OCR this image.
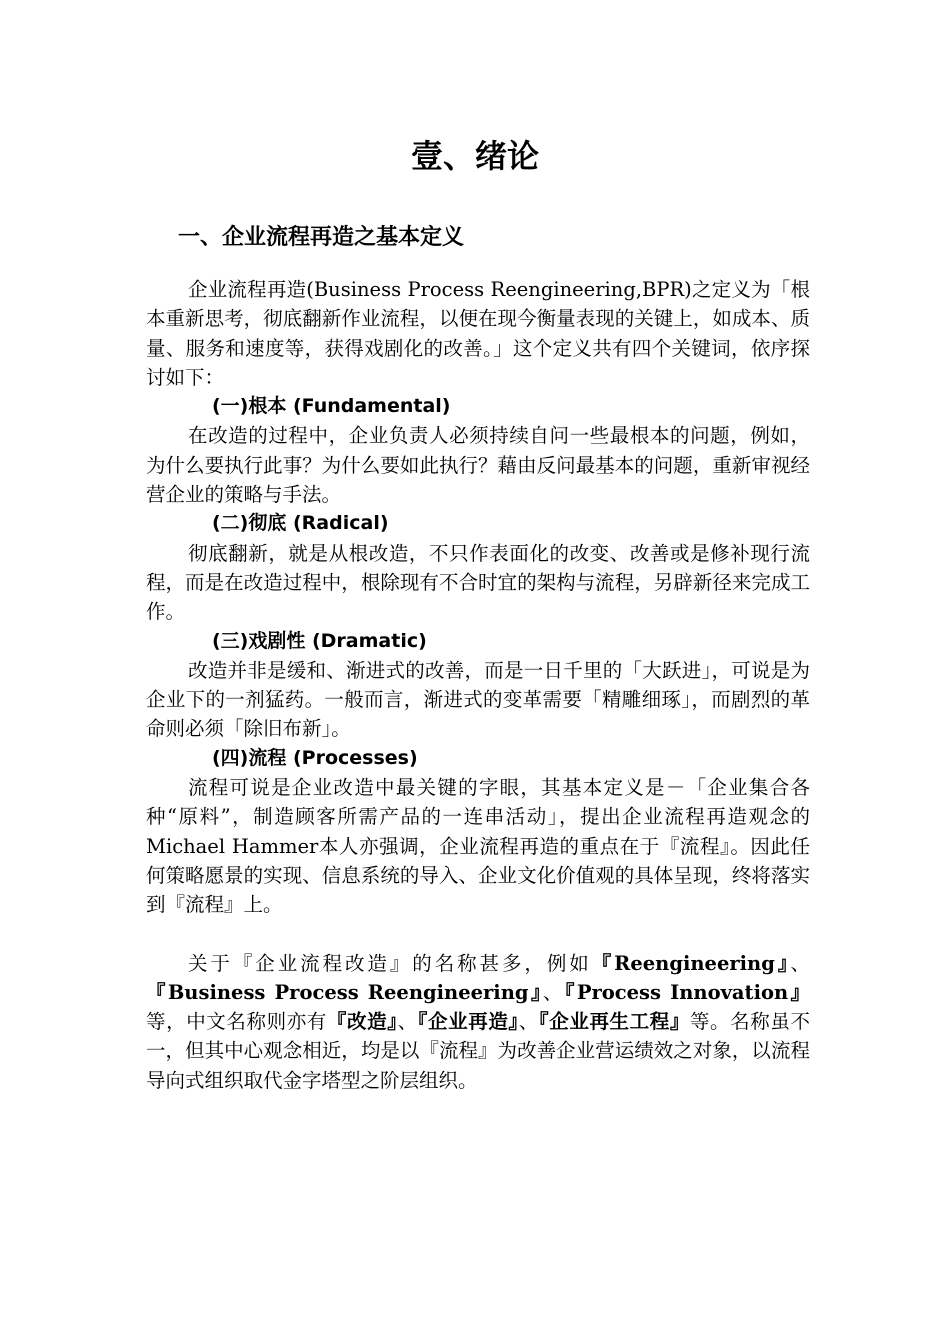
壹、绪论
一、企业流程再造之基本定义

企业流程再造(Business Process Reengineering,BPR)之定义为「根本重新思考，彻底翻新作业流程，以便在现今衡量表现的关键上，如成本、质量、服务和速度等，获得戏剧化的改善。」这个定义共有四个关键词，依序探讨如下：

(一)根本 (Fundamental)

在改造的过程中，企业负责人必须持续自问一些最根本的问题，例如，为什么要执行此事？为什么要如此执行？藉由反问最基本的问题，重新审视经营企业的策略与手法。

(二)彻底 (Radical)

彻底翻新，就是从根改造，不只作表面化的改变、改善或是修补现行流程，而是在改造过程中，根除现有不合时宜的架构与流程，另辟新径来完成工作。

(三)戏剧性 (Dramatic)

改造并非是缓和、渐进式的改善，而是一日千里的「大跃进」，可说是为企业下的一剂猛药。一般而言，渐进式的变革需要「精雕细琢」，而剧烈的革命则必须「除旧布新」。

(四)流程 (Processes)

流程可说是企业改造中最关键的字眼，其基本定义是－「企业集合各种“原料”，制造顾客所需产品的一连串活动」，提出企业流程再造观念的Michael Hammer本人亦强调，企业流程再造的重点在于『流程』。因此任何策略愿景的实现、信息系统的导入、企业文化价值观的具体呈现，终将落实到『流程』上。

关于『企业流程改造』的名称甚多，例如『Reengineering』、『Business Process Reengineering』、『Process Innovation』等，中文名称则亦有『改造』、『企业再造』、『企业再生工程』等。名称虽不一，但其中心观念相近，均是以『流程』为改善企业营运绩效之对象，以流程导向式组织取代金字塔型之阶层组织。
